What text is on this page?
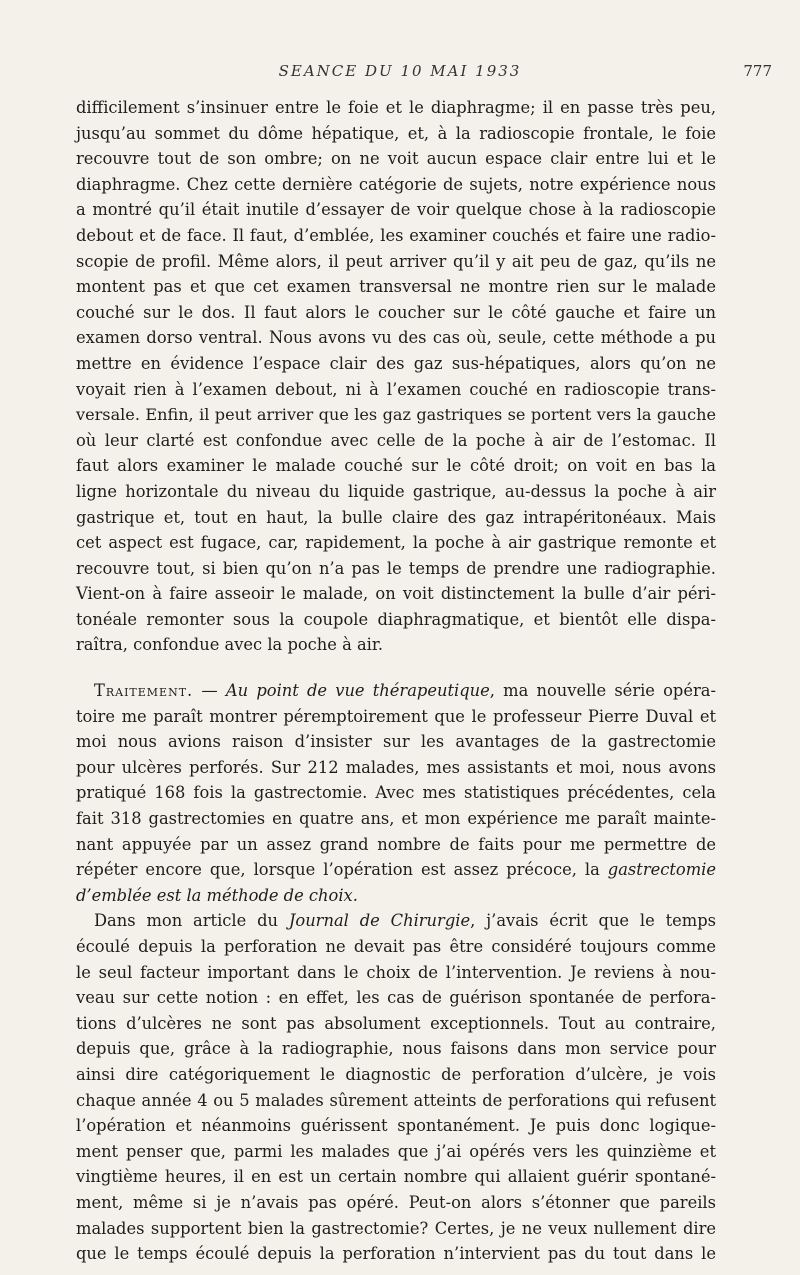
SEANCE DU 10 MAI 1933	777
difficilement s’insinuer entre le foie et le diaphragme; il en passe très peu,
jusqu’au sommet du dôme hépatique, et, à la radioscopie frontale, le foie
recouvre tout de son ombre; on ne voit aucun espace clair entre lui et le
diaphragme. Chez cette dernière catégorie de sujets, notre expérience nous
a montré qu’il était inutile d’essayer de voir quelque chose à la radioscopie
debout et de face. Il faut, d’emblée, les examiner couchés et faire une radio-
scopie de profil. Même alors, il peut arriver qu’il y ait peu de gaz, qu’ils ne
montent pas et que cet examen transversal ne montre rien sur le malade
couché sur le dos. Il faut alors le coucher sur le côté gauche et faire un
examen dorso ventral. Nous avons vu des cas où, seule, cette méthode a pu
mettre en évidence l’espace clair des gaz sus-hépatiques, alors qu’on ne
voyait rien à l’examen debout, ni à l’examen couché en radioscopie trans-
versale. Enfin, il peut arriver que les gaz gastriques se portent vers la gauche
où leur clarté est confondue avec celle de la poche à air de l’estomac. Il
faut alors examiner le malade couché sur le côté droit; on voit en bas la
ligne horizontale du niveau du liquide gastrique, au-dessus la poche à air
gastrique et, tout en haut, la bulle claire des gaz intrapéritonéaux. Mais
cet aspect est fugace, car, rapidement, la poche à air gastrique remonte et
recouvre tout, si bien qu’on n’a pas le temps de prendre une radiographie.
Vient-on à faire asseoir le malade, on voit distinctement la bulle d’air péri-
tonéale remonter sous la coupole diaphragmatique, et bientôt elle dispa-
raîtra, confondue avec la poche à air.
Traitement. — Au point de vue thérapeutique, ma nouvelle série opéra-
toire me paraît montrer péremptoirement que le professeur Pierre Duval et
moi nous avions raison d’insister sur les avantages de la gastrectomie
pour ulcères perforés. Sur 212 malades, mes assistants et moi, nous avons
pratiqué 168 fois la gastrectomie. Avec mes statistiques précédentes, cela
fait 318 gastrectomies en quatre ans, et mon expérience me paraît mainte-
nant appuyée par un assez grand nombre de faits pour me permettre de
répéter encore que, lorsque l’opération est assez précoce, la gastrectomie
d’emblée est la méthode de choix.
Dans mon article du Journal de Chirurgie, j’avais écrit que le temps
écoulé depuis la perforation ne devait pas être considéré toujours comme
le seul facteur important dans le choix de l’intervention. Je reviens à nou-
veau sur cette notion : en effet, les cas de guérison spontanée de perfora-
tions d’ulcères ne sont pas absolument exceptionnels. Tout au contraire,
depuis que, grâce à la radiographie, nous faisons dans mon service pour
ainsi dire catégoriquement le diagnostic de perforation d’ulcère, je vois
chaque année 4 ou 5 malades sûrement atteints de perforations qui refusent
l’opération et néanmoins guérissent spontanément. Je puis donc logique-
ment penser que, parmi les malades que j’ai opérés vers les quinzième et
vingtième heures, il en est un certain nombre qui allaient guérir spontané-
ment, même si je n’avais pas opéré. Peut-on alors s’étonner que pareils
malades supportent bien la gastrectomie? Certes, je ne veux nullement dire
que le temps écoulé depuis la perforation n’intervient pas du tout dans le
